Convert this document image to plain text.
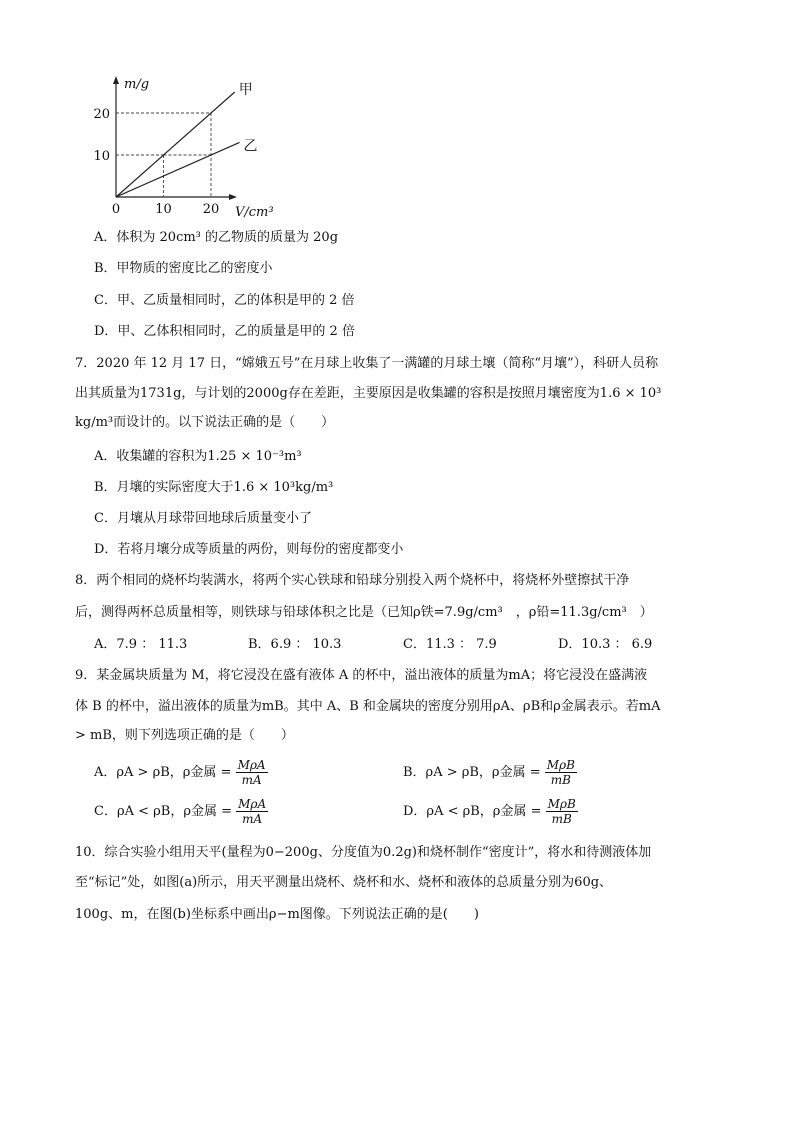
甲
乙
20
10
0	10 20
m/g
V/cm³
A．体积为 20cm³ 的乙物质的质量为 20g
B．甲物质的密度比乙的密度小
C．甲、乙质量相同时，乙的体积是甲的 2 倍
D．甲、乙体积相同时，乙的质量是甲的 2 倍
7．2020 年 12 月 17 日，“嫦娥五号”在月球上收集了一满罐的月球土壤（简称“月壤”），科研人员称
出其质量为1731g，与计划的2000g存在差距，主要原因是收集罐的容积是按照月壤密度为1.6 × 10³
kg/m³而设计的。以下说法正确的是（　　）
A．收集罐的容积为1.25 × 10⁻³m³
B．月壤的实际密度大于1.6 × 10³kg/m³
C．月壤从月球带回地球后质量变小了
D．若将月壤分成等质量的两份，则每份的密度都变小
8．两个相同的烧杯均装满水，将两个实心铁球和铅球分别投入两个烧杯中，将烧杯外壁擦拭干净
后，测得两杯总质量相等，则铁球与铅球体积之比是（已知ρ铁=7.9g/cm³　，ρ铅=11.3g/cm³　）
A．7.9 ： 11.3	B．6.9 ： 10.3	C．11.3 ： 7.9	D．10.3 ： 6.9
9．某金属块质量为 M，将它浸没在盛有液体 A 的杯中，溢出液体的质量为mA；将它浸没在盛满液
体 B 的杯中，溢出液体的质量为mB。其中 A、B 和金属块的密度分别用ρA、ρB和ρ金属表示。若mA
> mB，则下列选项正确的是（　　）
A．ρA > ρB，ρ金属 = $\frac{\text{MρA}}{mA}$	B．ρA > ρB，ρ金属 = $\frac{\text{MρB}}{mB}$
C．ρA < ρB，ρ金属 = $\frac{\text{MρA}}{mA}$	D．ρA < ρB，ρ金属 = $\frac{\text{MρB}}{mB}$
10．综合实验小组用天平(量程为0−200g、分度值为0.2g)和烧杯制作“密度计”，将水和待测液体加
至“标记”处，如图(a)所示，用天平测量出烧杯、烧杯和水、烧杯和液体的总质量分别为60g、
100g、m，在图(b)坐标系中画出ρ−m图像。下列说法正确的是(　　)
